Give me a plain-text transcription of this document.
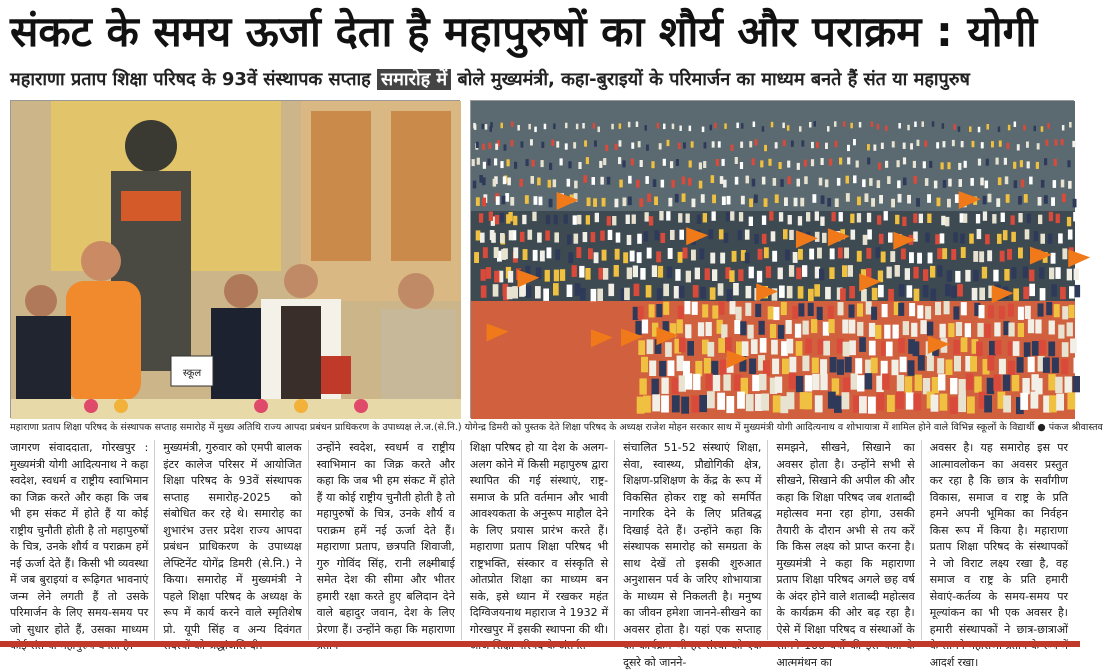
संकट के समय ऊर्जा देता है महापुरुषों का शौर्य और पराक्रम : योगी
महाराणा प्रताप शिक्षा परिषद के 93वें संस्थापक सप्ताह समारोह में बोले मुख्यमंत्री, कहा-बुराइयों के परिमार्जन का माध्यम बनते हैं संत या महापुरुष
स्कूल
महाराणा प्रताप शिक्षा परिषद के संस्थापक सप्ताह समारोह में मुख्य अतिथि राज्य आपदा प्रबंधन प्राधिकरण के उपाध्यक्ष ले.ज.(से.नि.) योगेन्द्र डिमरी को पुस्तक देते शिक्षा परिषद के अध्यक्ष राजेश मोहन सरकार साथ में मुख्यमंत्री योगी आदित्यनाथ व शोभायात्रा में शामिल होने वाले विभिन्न स्कूलों के विद्यार्थी ● पंकज श्रीवास्तव

जागरण संवाददाता, गोरखपुर : मुख्यमंत्री योगी आदित्यनाथ ने कहा स्वदेश, स्वधर्म व राष्ट्रीय स्वाभिमान का जिक्र करते और कहा कि जब भी हम संकट में होते हैं या कोई राष्ट्रीय चुनौती होती है तो महापुरुषों के चित्र, उनके शौर्य व पराक्रम हमें नई ऊर्जा देते हैं। किसी भी व्यवस्था में जब बुराइयां व रूढ़िगत भावनाएं जन्म लेने लगती हैं तो उसके परिमार्जन के लिए समय-समय पर जो सुधार होते हैं, उसका माध्यम

मुख्यमंत्री, गुरुवार को एमपी बालक इंटर कालेज परिसर में आयोजित शिक्षा परिषद के 93वें संस्थापक सप्ताह समारोह-2025 को संबोधित कर रहे थे। समारोह का शुभारंभ उत्तर प्रदेश राज्य आपदा प्रबंधन प्राधिकरण के उपाध्यक्ष लेफ्टिनेंट योगेंद्र डिमरी (से.नि.) ने किया। समारोह में मुख्यमंत्री ने पहले शिक्षा परिषद के अध्यक्ष के रूप में कार्य करने वाले स्मृतिशेष प्रो. यूपी सिंह व अन्य दिवंगत

उन्होंने स्वदेश, स्वधर्म व राष्ट्रीय स्वाभिमान का जिक्र करते और कहा कि जब भी हम संकट में होते हैं या कोई राष्ट्रीय चुनौती होती है तो महापुरुषों के चित्र, उनके शौर्य व पराक्रम हमें नई ऊर्जा देते हैं। महाराणा प्रताप, छत्रपति शिवाजी, गुरु गोविंद सिंह, रानी लक्ष्मीबाई समेत देश की सीमा और भीतर हमारी रक्षा करते हुए बलिदान देने वाले बहादुर जवान, देश के लिए प्रेरणा हैं। उन्होंने कहा कि महाराणा

शिक्षा परिषद हो या देश के अलग-अलग कोने में किसी महापुरुष द्वारा स्थापित की गई संस्थाएं, राष्ट्र-समाज के प्रति वर्तमान और भावी आवश्यकता के अनुरूप माहौल देने के लिए प्रयास प्रारंभ करते हैं। महाराणा प्रताप शिक्षा परिषद भी राष्ट्रभक्ति, संस्कार व संस्कृति से ओतप्रोत शिक्षा का माध्यम बन सके, इसे ध्यान में रखकर महंत दिग्विजयनाथ महाराज ने 1932 में गोरखपुर में इसकी स्थापना की थी।

संचालित 51-52 संस्थाएं शिक्षा, सेवा, स्वास्थ्य, प्रौद्योगिकी क्षेत्र, शिक्षण-प्रशिक्षण के केंद्र के रूप में विकसित होकर राष्ट्र को समर्पित नागरिक देने के लिए प्रतिबद्ध दिखाई देते हैं। उन्होंने कहा कि संस्थापक समारोह को समग्रता के साथ देखें तो इसकी शुरुआत अनुशासन पर्व के जरिए शोभायात्रा के माध्यम से निकलती है। मनुष्य का जीवन हमेशा जानने-सीखने का अवसर होता है। यहां एक सप्ताह दूसरे को जानने-

समझने, सीखने, सिखाने का अवसर होता है। उन्होंने सभी से सीखने, सिखाने की अपील की और कहा कि शिक्षा परिषद जब शताब्दी महोत्सव मना रहा होगा, उसकी तैयारी के दौरान अभी से तय करें कि किस लक्ष्य को प्राप्त करना है। मुख्यमंत्री ने कहा कि महाराणा प्रताप शिक्षा परिषद अगले छह वर्ष के अंदर होने वाले शताब्दी महोत्सव के कार्यक्रम की ओर बढ़ रहा है। ऐसे में शिक्षा परिषद व संस्थाओं के आत्ममंथन का

अवसर है। यह समारोह इस पर आत्मावलोकन का अवसर प्रस्तुत कर रहा है कि छात्र के सर्वांगीण विकास, समाज व राष्ट्र के प्रति हमने अपनी भूमिका का निर्वहन किस रूप में किया है। महाराणा प्रताप शिक्षा परिषद के संस्थापकों ने जो विराट लक्ष्य रखा है, वह समाज व राष्ट्र के प्रति हमारी सेवाएं-कर्तव्य के समय-समय पर मूल्यांकन का भी एक अवसर है। हमारी संस्थापकों ने छात्र-छात्राओं आदर्श रखा।
